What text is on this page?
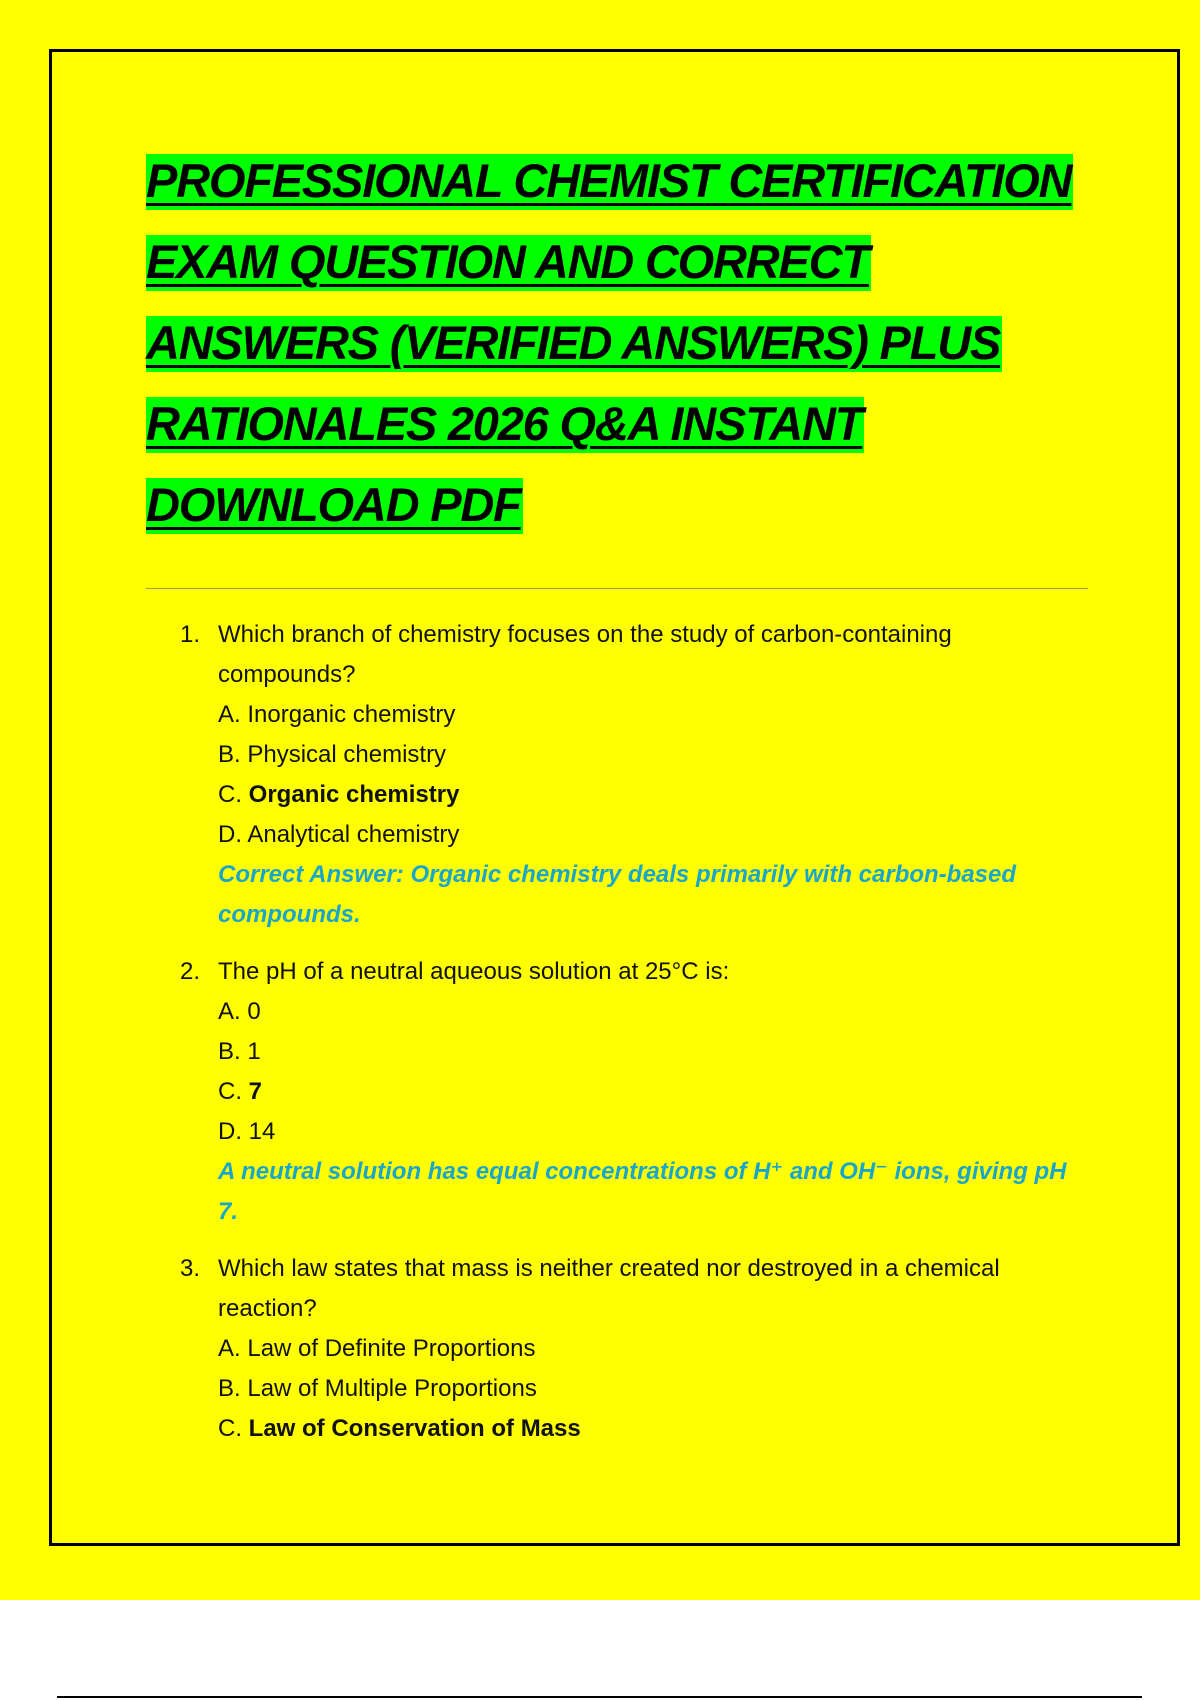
PROFESSIONAL CHEMIST CERTIFICATION
EXAM QUESTION AND CORRECT
ANSWERS (VERIFIED ANSWERS) PLUS
RATIONALES 2026 Q&A INSTANT
DOWNLOAD PDF
1. Which branch of chemistry focuses on the study of carbon-containing compounds?
A. Inorganic chemistry
B. Physical chemistry
C. Organic chemistry
D. Analytical chemistry
Correct Answer: Organic chemistry deals primarily with carbon-based compounds.
2. The pH of a neutral aqueous solution at 25°C is:
A. 0
B. 1
C. 7
D. 14
A neutral solution has equal concentrations of H⁺ and OH⁻ ions, giving pH 7.
3. Which law states that mass is neither created nor destroyed in a chemical reaction?
A. Law of Definite Proportions
B. Law of Multiple Proportions
C. Law of Conservation of Mass
